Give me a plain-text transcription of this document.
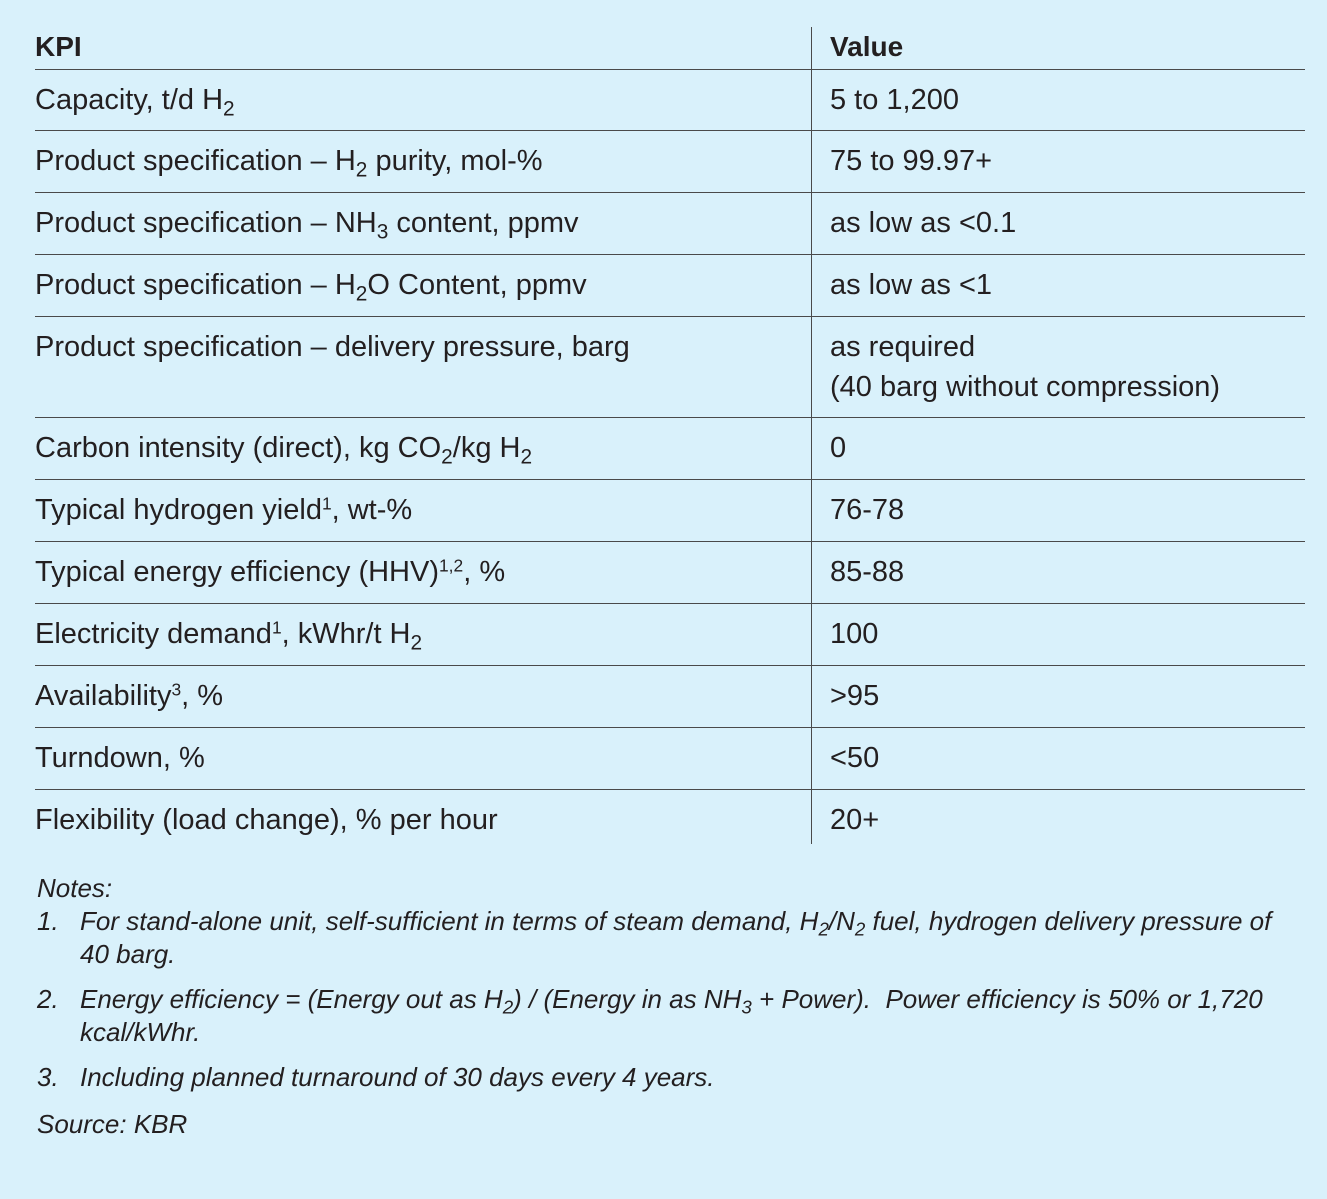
KPI	Value
Capacity, t/d $H_2$	5 to 1,200
Product specification – $H_2$ purity, mol-%	75 to 99.97+
Product specification – $NH_3$ content, ppmv	as low as <0.1
Product specification – $H_2O$ Content, ppmv	as low as <1
Product specification – delivery pressure, barg	as required
(40 barg without compression)
Carbon intensity (direct), kg $CO_2/kg$ $H_2$	0
Typical hydrogen yield$^1$, wt-%	76-78
Typical energy efficiency (HHV)$^{1,2}$, %	85-88
Electricity demand$^1$, kWhr/t $H_2$	100
Availability$^3$, %	>95
Turndown, %	<50
Flexibility (load change), % per hour	20+
Notes:
1. For stand-alone unit, self-sufficient in terms of steam demand, $H_2/N_2$ fuel, hydrogen delivery pressure of 40 barg.
2. Energy efficiency = (Energy out as $H_2$) / (Energy in as $NH_3$ + Power).  Power efficiency is 50% or 1,720 kcal/kWhr.
3. Including planned turnaround of 30 days every 4 years.
Source: KBR
